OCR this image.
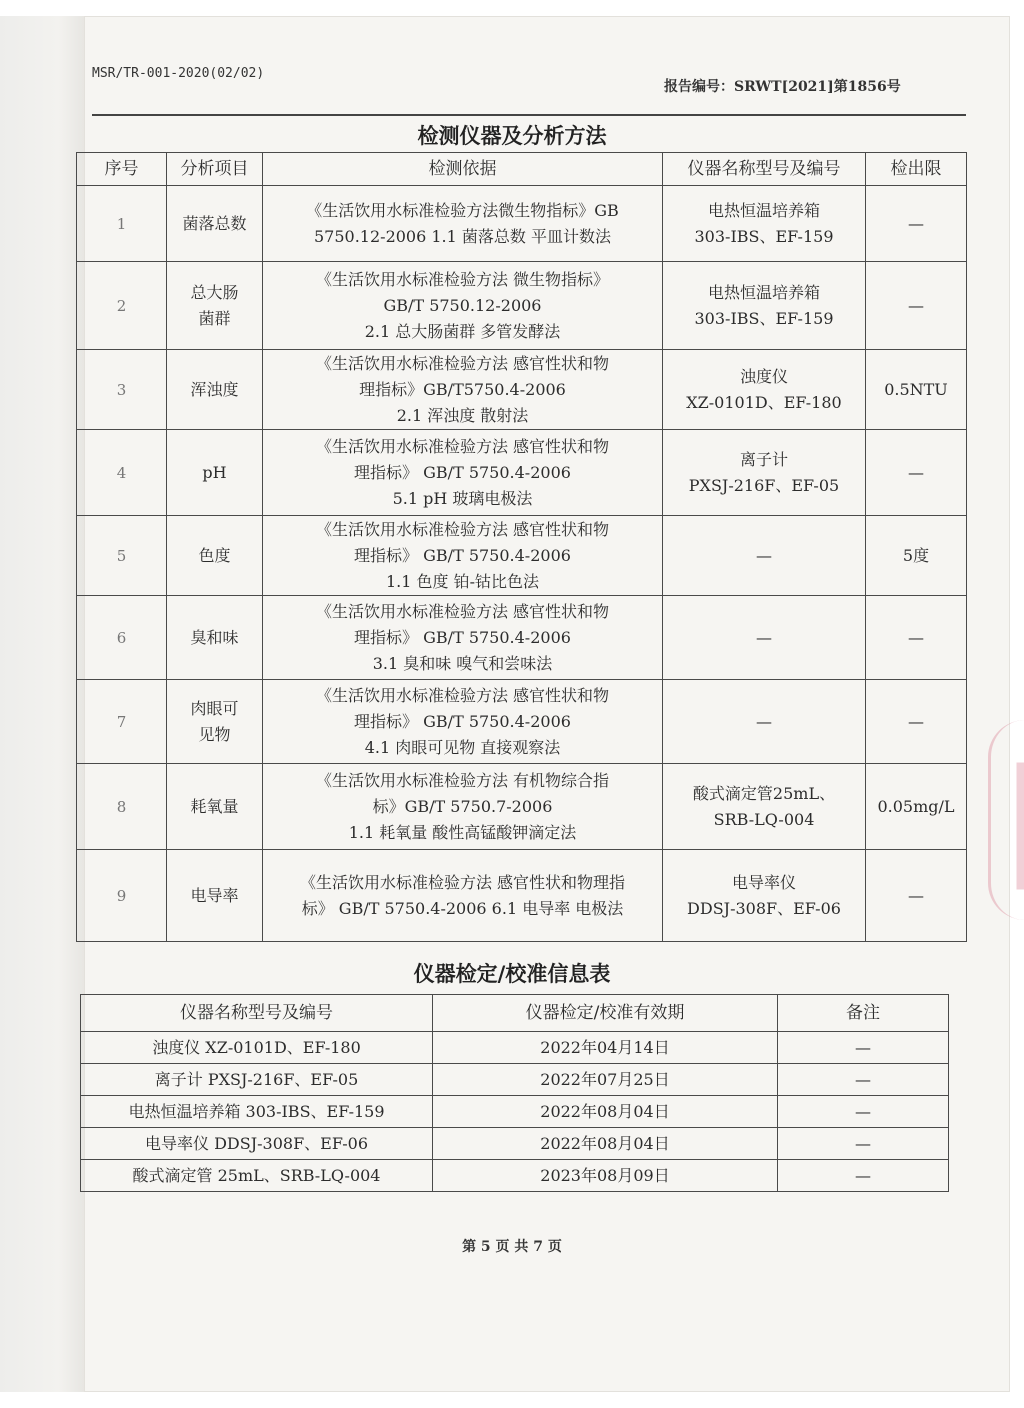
MSR/TR-001-2020(02/02)
报告编号：SRWT[2021]第1856号
检测仪器及分析方法
序号	分析项目	检测依据	仪器名称型号及编号	检出限
1	菌落总数	《生活饮用水标准检验方法微生物指标》GB
5750.12-2006 1.1 菌落总数 平皿计数法	电热恒温培养箱
303-IBS、EF-159	—
2	总大肠菌群	《生活饮用水标准检验方法 微生物指标》
GB/T 5750.12-2006
2.1 总大肠菌群 多管发酵法	电热恒温培养箱
303-IBS、EF-159	—
3	浑浊度	《生活饮用水标准检验方法 感官性状和物
理指标》GB/T5750.4-2006
2.1 浑浊度 散射法	浊度仪
XZ-0101D、EF-180	0.5NTU
4	pH	《生活饮用水标准检验方法 感官性状和物
理指标》 GB/T 5750.4-2006
5.1 pH 玻璃电极法	离子计
PXSJ-216F、EF-05	—
5	色度	《生活饮用水标准检验方法 感官性状和物
理指标》 GB/T 5750.4-2006
1.1 色度 铂-钴比色法	—	5度
6	臭和味	《生活饮用水标准检验方法 感官性状和物
理指标》 GB/T 5750.4-2006
3.1 臭和味 嗅气和尝味法	—	—
7	肉眼可见物	《生活饮用水标准检验方法 感官性状和物
理指标》 GB/T 5750.4-2006
4.1 肉眼可见物 直接观察法	—	—
8	耗氧量	《生活饮用水标准检验方法 有机物综合指
标》GB/T 5750.7-2006
1.1 耗氧量 酸性高锰酸钾滴定法	酸式滴定管25mL、
SRB-LQ-004	0.05mg/L
9	电导率	《生活饮用水标准检验方法 感官性状和物理指
标》 GB/T 5750.4-2006 6.1 电导率 电极法	电导率仪
DDSJ-308F、EF-06	—
仪器检定/校准信息表
仪器名称型号及编号	仪器检定/校准有效期	备注
浊度仪 XZ-0101D、EF-180	2022年04月14日	—
离子计 PXSJ-216F、EF-05	2022年07月25日	—
电热恒温培养箱 303-IBS、EF-159	2022年08月04日	—
电导率仪 DDSJ-308F、EF-06	2022年08月04日	—
酸式滴定管 25mL、SRB-LQ-004	2023年08月09日	—
第 5 页 共 7 页
